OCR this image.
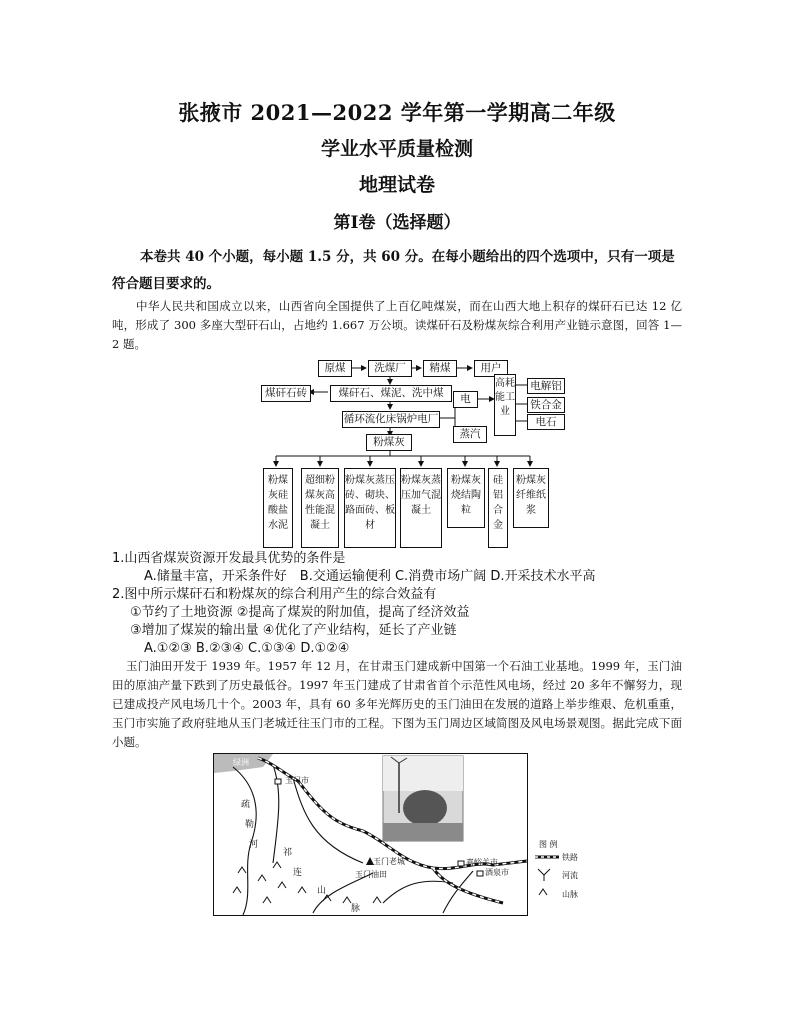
张掖市 2021—2022 学年第一学期高二年级
学业水平质量检测
地理试卷
第Ⅰ卷（选择题）
本卷共 40 个小题，每小题 1.5 分，共 60 分。在每小题给出的四个选项中，只有一项是符合题目要求的。
中华人民共和国成立以来，山西省向全国提供了上百亿吨煤炭，而在山西大地上积存的煤矸石已达 12 亿吨，形成了 300 多座大型矸石山，占地约 1.667 万公顷。读煤矸石及粉煤灰综合利用产业链示意图，回答 1—2 题。
原煤	洗煤厂	精煤	用户
煤矸石砖	煤矸石、煤泥、洗中煤
循环流化床锅炉电厂
电
蒸汽
粉煤灰
高耗能工业
电解铝
铁合金
电石
粉煤灰硅酸盐水泥
超细粉煤灰高性能混凝土
粉煤灰蒸压砖、砌块、路面砖、板材
粉煤灰蒸压加气混凝土
粉煤灰烧结陶粒
硅铝合金
粉煤灰纤维纸浆
1.山西省煤炭资源开发最具优势的条件是
A.储量丰富，开采条件好　B.交通运输便利 C.消费市场广阔 D.开采技术水平高
2.图中所示煤矸石和粉煤灰的综合利用产生的综合效益有
①节约了土地资源 ②提高了煤炭的附加值，提高了经济效益
③增加了煤炭的输出量 ④优化了产业结构，延长了产业链
A.①②③ B.②③④ C.①③④ D.①②④
玉门油田开发于 1939 年。1957 年 12 月，在甘肃玉门建成新中国第一个石油工业基地。1999 年，玉门油田的原油产量下跌到了历史最低谷。1997 年玉门建成了甘肃省首个示范性风电场，经过 20 多年不懈努力，现已建成投产风电场几十个。2003 年，具有 60 多年光辉历史的玉门油田在发展的道路上举步维艰、危机重重，玉门市实施了政府驻地从玉门老城迁往玉门市的工程。下图为玉门周边区域简图及风电场景观图。据此完成下面小题。
绿洲
玉门市
疏
勒
河
祁
连
山
脉
玉门老城
玉门油田
嘉峪关市
酒泉市
图 例
铁路
河流
山脉
